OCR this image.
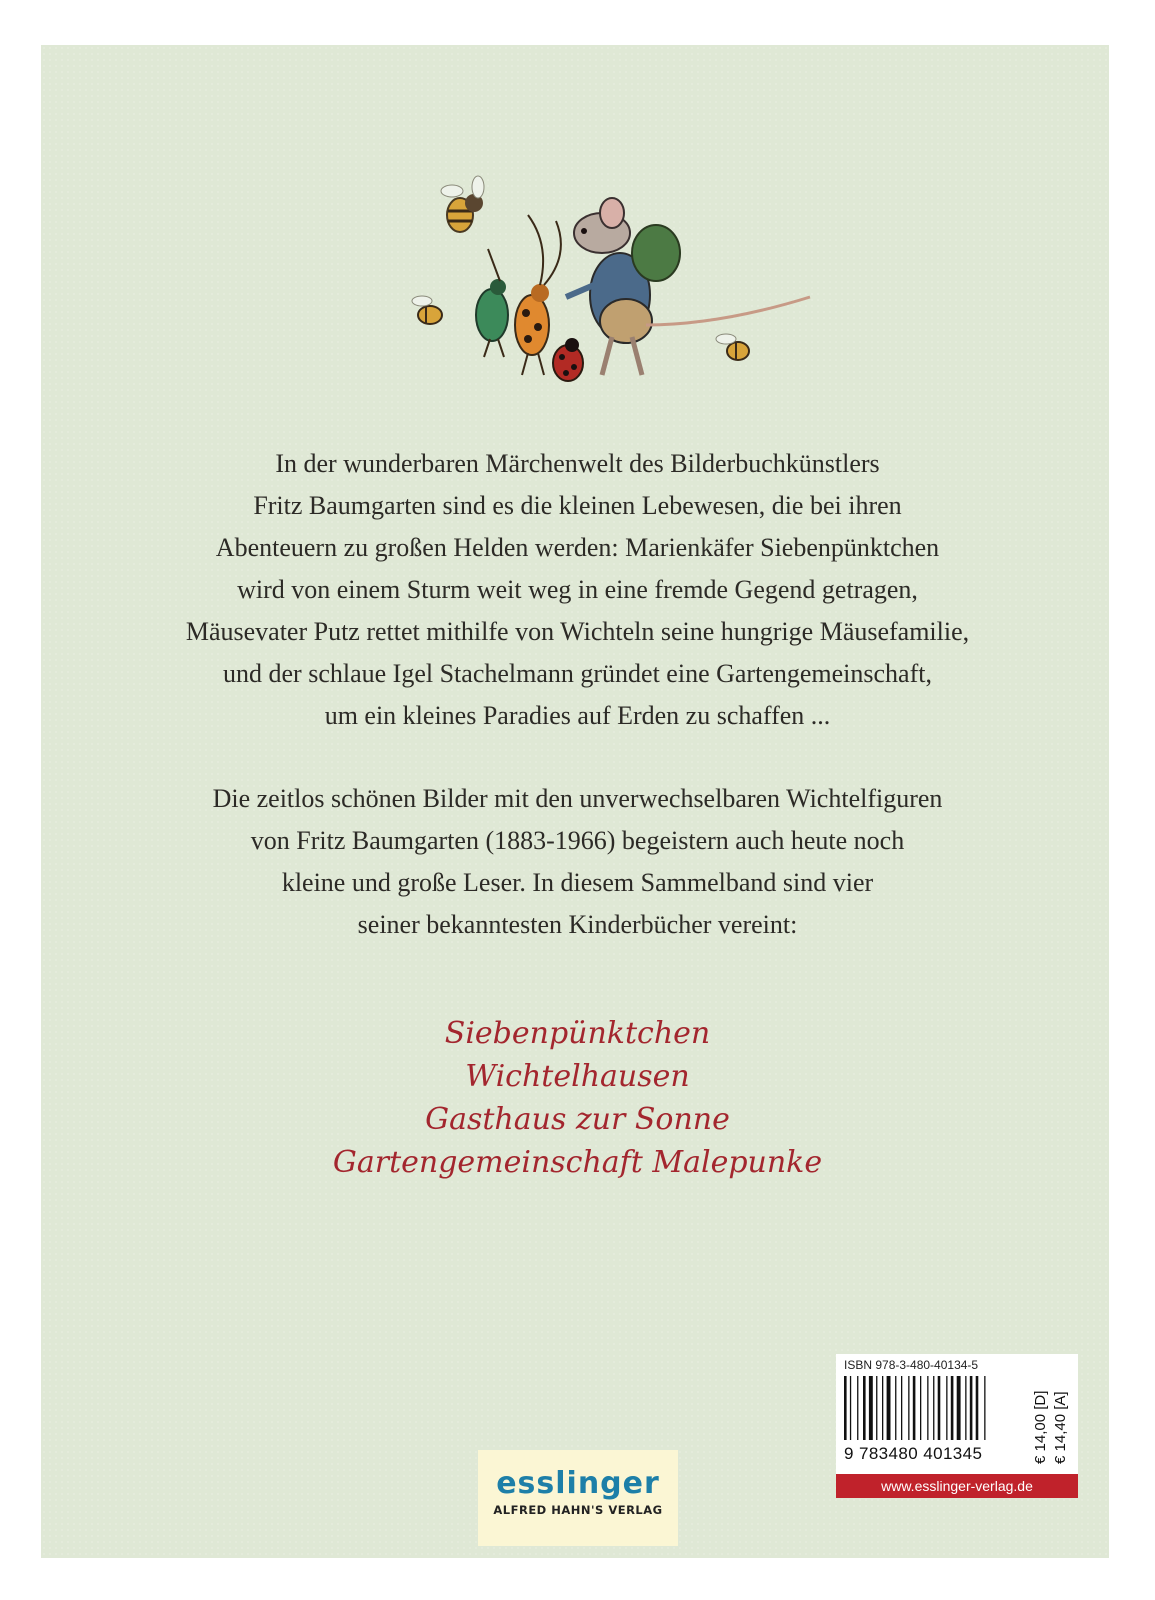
In der wunderbaren Märchenwelt des Bilderbuchkünstlers
Fritz Baumgarten sind es die kleinen Lebewesen, die bei ihren
Abenteuern zu großen Helden werden: Marienkäfer Siebenpünktchen
wird von einem Sturm weit weg in eine fremde Gegend getragen,
Mäusevater Putz rettet mithilfe von Wichteln seine hungrige Mäusefamilie,
und der schlaue Igel Stachelmann gründet eine Gartengemeinschaft,
um ein kleines Paradies auf Erden zu schaffen ...
Die zeitlos schönen Bilder mit den unverwechselbaren Wichtelfiguren
von Fritz Baumgarten (1883-1966) begeistern auch heute noch
kleine und große Leser. In diesem Sammelband sind vier
seiner bekanntesten Kinderbücher vereint:
Siebenpünktchen
Wichtelhausen
Gasthaus zur Sonne
Gartengemeinschaft Malepunke
esslinger
ALFRED HAHN'S VERLAG
ISBN 978-3-480-40134-5
9 783480 401345	€ 14,00 [D] € 14,40 [A]
www.esslinger-verlag.de
